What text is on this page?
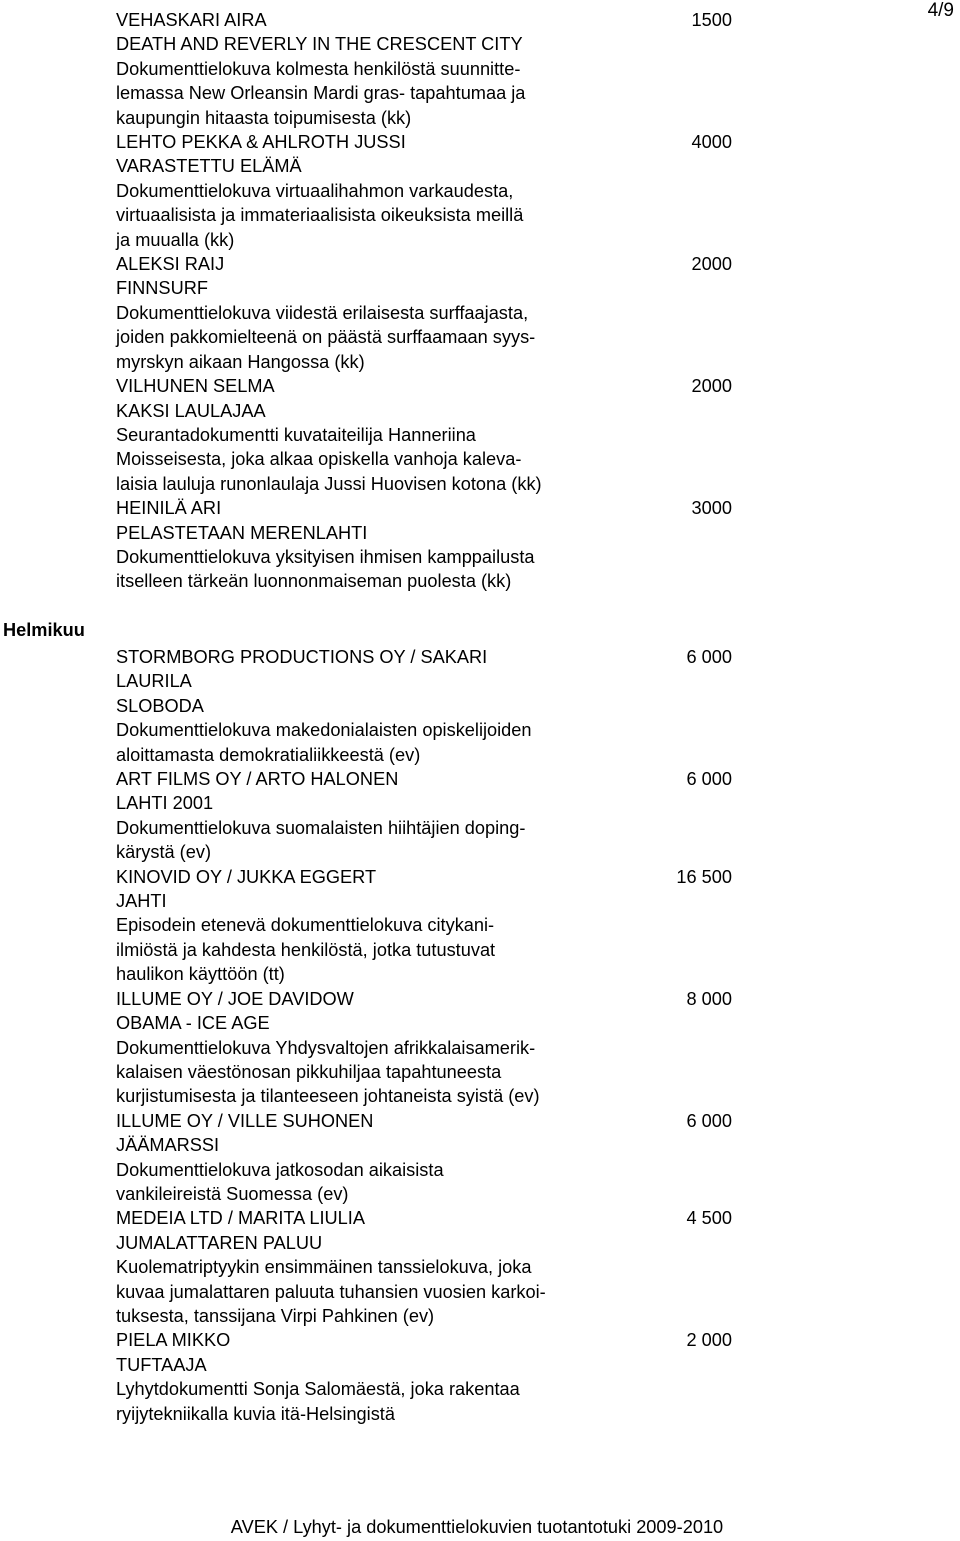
4/9
VEHASKARI AIRA
DEATH AND REVERLY IN THE CRESCENT CITY
Dokumenttielokuva kolmesta henkilöstä suunnitte-
lemassa New Orleansin Mardi gras- tapahtumaa ja
kaupungin hitaasta toipumisesta (kk)
1500
LEHTO PEKKA & AHLROTH JUSSI
VARASTETTU ELÄMÄ
Dokumenttielokuva virtuaalihahmon varkaudesta,
virtuaalisista ja immateriaalisista oikeuksista meillä
ja muualla (kk)
4000
ALEKSI RAIJ
FINNSURF
Dokumenttielokuva viidestä erilaisesta surffaajasta,
joiden pakkomielteenä on päästä surffaamaan syys-
myrskyn aikaan Hangossa (kk)
2000
VILHUNEN SELMA
KAKSI LAULAJAA
Seurantadokumentti kuvataiteilija Hanneriina
Moisseisesta, joka alkaa opiskella vanhoja kaleva-
laisia lauluja runonlaulaja Jussi Huovisen kotona (kk)
2000
HEINILÄ ARI
PELASTETAAN MERENLAHTI
Dokumenttielokuva yksityisen ihmisen kamppailusta
itselleen tärkeän luonnonmaiseman puolesta (kk)
3000
Helmikuu
STORMBORG PRODUCTIONS OY / SAKARI
LAURILA
SLOBODA
Dokumenttielokuva makedonialaisten opiskelijoiden
aloittamasta demokratialiikkeestä (ev)
6 000
ART FILMS OY / ARTO HALONEN
LAHTI 2001
Dokumenttielokuva suomalaisten hiihtäjien doping-
kärystä (ev)
6 000
KINOVID OY / JUKKA EGGERT
JAHTI
Episodein etenevä dokumenttielokuva citykani-
ilmiöstä ja kahdesta henkilöstä, jotka tutustuvat
haulikon käyttöön (tt)
16 500
ILLUME OY / JOE DAVIDOW
OBAMA - ICE AGE
Dokumenttielokuva Yhdysvaltojen afrikkalaisamerik-
kalaisen väestönosan pikkuhiljaa tapahtuneesta
kurjistumisesta ja tilanteeseen johtaneista syistä (ev)
8 000
ILLUME OY / VILLE SUHONEN
JÄÄMARSSI
Dokumenttielokuva jatkosodan aikaisista
vankileireistä Suomessa (ev)
6 000
MEDEIA LTD / MARITA LIULIA
JUMALATTAREN PALUU
Kuolematriptyykin ensimmäinen tanssielokuva, joka
kuvaa jumalattaren paluuta tuhansien vuosien karkoi-
tuksesta, tanssijana Virpi Pahkinen (ev)
4 500
PIELA MIKKO
TUFTAAJA
Lyhytdokumentti Sonja Salomäestä, joka rakentaa
ryijytekniikalla kuvia itä-Helsingistä
2 000
AVEK / Lyhyt- ja dokumenttielokuvien tuotantotuki 2009-2010
